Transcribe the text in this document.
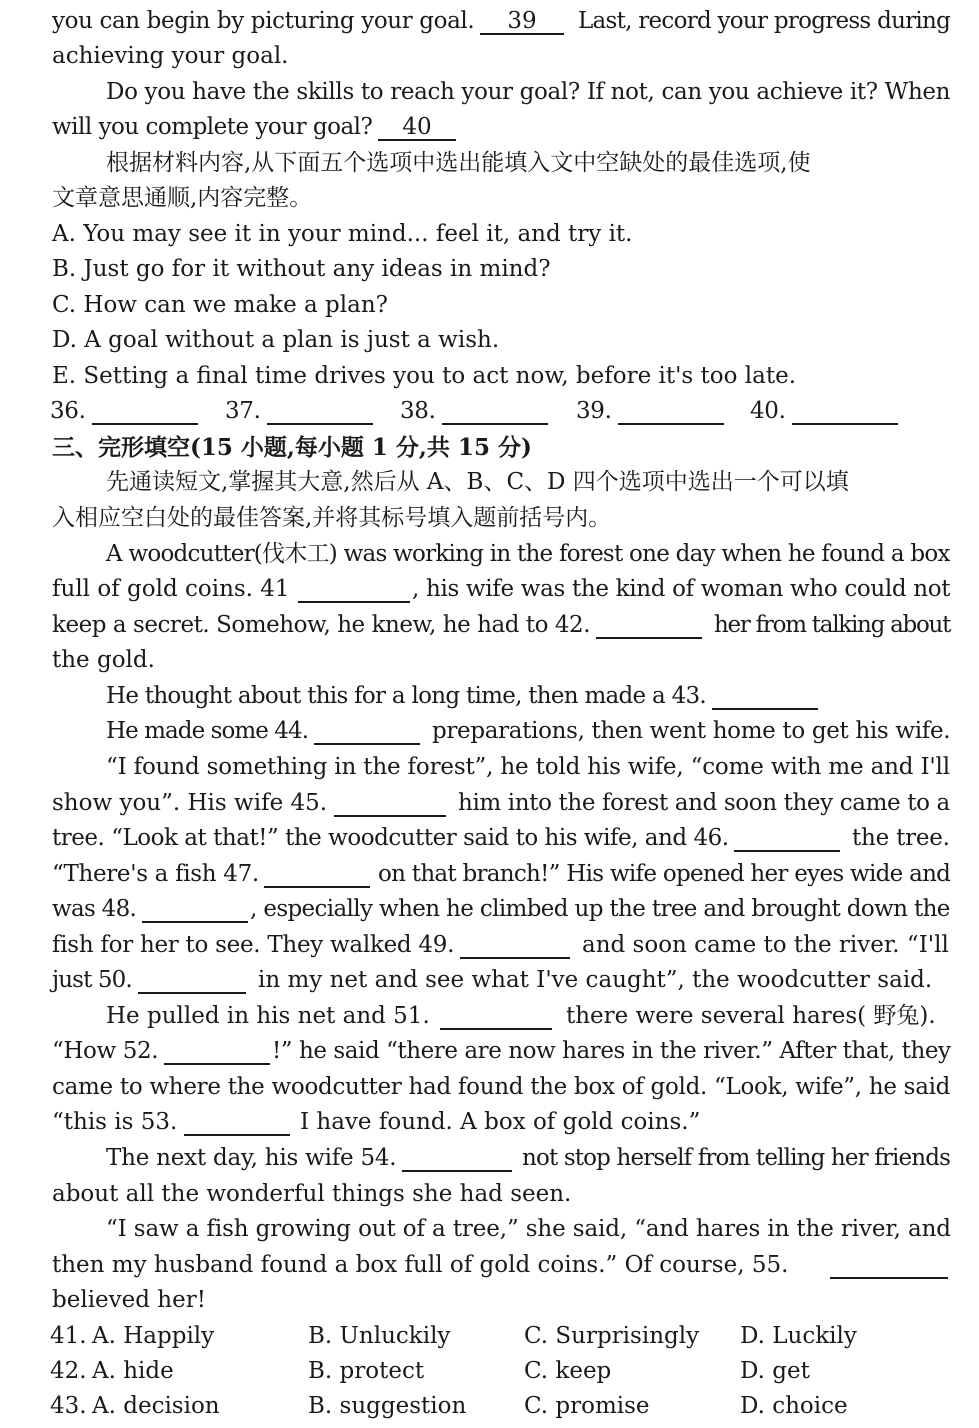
you can begin by picturing your goal.	39	Last, record your progress during
achieving your goal.
Do you have the skills to reach your goal? If not, can you achieve it? When
will you complete your goal?	40
根据材料内容,从下面五个选项中选出能填入文中空缺处的最佳选项,使
文章意思通顺,内容完整。
A. You may see it in your mind... feel it, and try it.
B. Just go for it without any ideas in mind?
C. How can we make a plan?
D. A goal without a plan is just a wish.
E. Setting a final time drives you to act now, before it's too late.
36.	37.	38.	39.	40.
三、完形填空(15 小题,每小题 1 分,共 15 分)
先通读短文,掌握其大意,然后从 A、B、C、D 四个选项中选出一个可以填
入相应空白处的最佳答案,并将其标号填入题前括号内。
A woodcutter(伐木工) was working in the forest one day when he found a box
full of gold coins. 41	, his wife was the kind of woman who could not
keep a secret. Somehow, he knew, he had to 42.	her from talking about
the gold.
He thought about this for a long time, then made a 43.
He made some 44.	preparations, then went home to get his wife.
“I found something in the forest”, he told his wife, “come with me and I'll
show you”. His wife 45.	him into the forest and soon they came to a
tree. “Look at that!” the woodcutter said to his wife, and 46.	the tree.
“There's a fish 47.	on that branch!” His wife opened her eyes wide and
was 48.	, especially when he climbed up the tree and brought down the
fish for her to see. They walked 49.	and soon came to the river. “I'll
just 50.	in my net and see what I've caught”, the woodcutter said.
He pulled in his net and 51.	there were several hares( 野兔).
“How 52.	!” he said “there are now hares in the river.” After that, they
came to where the woodcutter had found the box of gold. “Look, wife”, he said
“this is 53.	I have found. A box of gold coins.”
The next day, his wife 54.	not stop herself from telling her friends
about all the wonderful things she had seen.
“I saw a fish growing out of a tree,” she said, “and hares in the river, and
then my husband found a box full of gold coins.” Of course, 55.
believed her!
41. A. Happily	B. Unluckily	C. Surprisingly D. Luckily
42. A. hide	B. protect	C. keep	D. get
43. A. decision	B. suggestion	C. promise	D. choice
